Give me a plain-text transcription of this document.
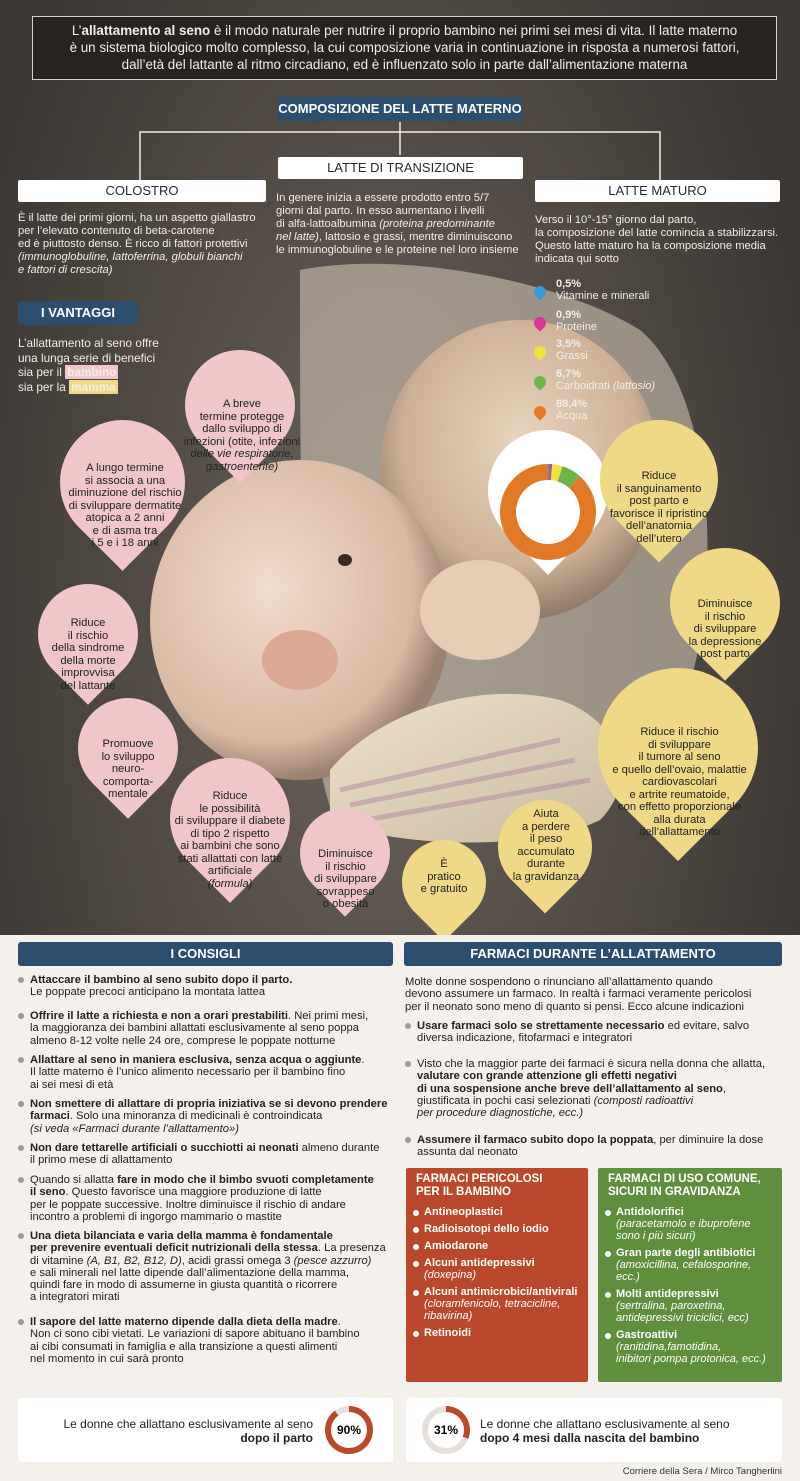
L’allattamento al seno è il modo naturale per nutrire il proprio bambino nei primi sei mesi di vita. Il latte materno
è un sistema biologico molto complesso, la cui composizione varia in continuazione in risposta a numerosi fattori,
dall’età del lattante al ritmo circadiano, ed è influenzato solo in parte dall’alimentazione materna
COMPOSIZIONE DEL LATTE MATERNO
LATTE DI TRANSIZIONE
COLOSTRO	LATTE MATURO
È il latte dei primi giorni, ha un aspetto giallastro
per l’elevato contenuto di beta-carotene
ed è piuttosto denso. È ricco di fattori protettivi
(immunoglobuline, lattoferrina, globuli bianchi
e fattori di crescita)
In genere inizia a essere prodotto entro 5/7
giorni dal parto. In esso aumentano i livelli
di alfa-lattoalbumina (proteina predominante
nel latte), lattosio e grassi, mentre diminuiscono
le immunoglobuline e le proteine nel loro insieme
Verso il 10°-15° giorno dal parto,
la composizione del latte comincia a stabilizzarsi.
Questo latte maturo ha la composizione media
indicata qui sotto
0,5%
Vitamine e minerali
0,9%
Proteine
3,5%
Grassi
6,7%
Carboidrati (lattosio)
88,4%
Acqua
I VANTAGGI
L’allattamento al seno offre
una lunga serie di benefici
sia per il bambino
sia per la mamma
A breve
termine protegge
dallo sviluppo di
infezioni (otite, infezioni
delle vie respiratorie,
gastroenterite)
A lungo termine
si associa a una
diminuzione del rischio
di sviluppare dermatite
atopica a 2 anni
e di asma tra
i 5 e i 18 anni
Riduce
il rischio
della sindrome
della morte
improvvisa
del lattante
Promuove
lo sviluppo
neuro-
comporta-
mentale	Riduce
le possibilità
di sviluppare il diabete
di tipo 2 rispetto
ai bambini che sono
stati allattati con latte
artificiale
(formula)
Diminuisce
il rischio
di sviluppare
sovrappeso
o obesità
Riduce
il sanguinamento
post parto e
favorisce il ripristino
dell’anatomia
dell’utero
Diminuisce
il rischio
di sviluppare
la depressione
post parto
Riduce il rischio
di sviluppare
il tumore al seno
e quello dell’ovaio, malattie
cardiovascolari
e artrite reumatoide,
con effetto proporzionale
alla durata
dell’allattamento
Aiuta
a perdere
il peso
accumulato
durante
la gravidanza
È
pratico
e gratuito
I CONSIGLI	FARMACI DURANTE L’ALLATTAMENTO
Attaccare il bambino al seno subito dopo il parto.
Le poppate precoci anticipano la montata lattea
Offrire il latte a richiesta e non a orari prestabiliti. Nei primi mesi,
la maggioranza dei bambini allattati esclusivamente al seno poppa
almeno 8-12 volte nelle 24 ore, comprese le poppate notturne
Allattare al seno in maniera esclusiva, senza acqua o aggiunte.
Il latte materno è l’unico alimento necessario per il bambino fino
ai sei mesi di età
Non smettere di allattare di propria iniziativa se si devono prendere
farmaci. Solo una minoranza di medicinali è controindicata
(si veda «Farmaci durante l’allattamento»)
Non dare tettarelle artificiali o succhiotti ai neonati almeno durante
il primo mese di allattamento
Quando si allatta fare in modo che il bimbo svuoti completamente
il seno. Questo favorisce una maggiore produzione di latte
per le poppate successive. Inoltre diminuisce il rischio di andare
incontro a problemi di ingorgo mammario o mastite
Una dieta bilanciata e varia della mamma è fondamentale
per prevenire eventuali deficit nutrizionali della stessa. La presenza
di vitamine (A, B1, B2, B12, D), acidi grassi omega 3 (pesce azzurro)
e sali minerali nel latte dipende dall’alimentazione della mamma,
quindi fare in modo di assumerne in giusta quantità o ricorrere
a integratori mirati
Il sapore del latte materno dipende dalla dieta della madre.
Non ci sono cibi vietati. Le variazioni di sapore abituano il bambino
ai cibi consumati in famiglia e alla transizione a questi alimenti
nel momento in cui sarà pronto
Molte donne sospendono o rinunciano all’allattamento quando
devono assumere un farmaco. In realtà i farmaci veramente pericolosi
per il neonato sono meno di quanto si pensi. Ecco alcune indicazioni
Usare farmaci solo se strettamente necessario ed evitare, salvo
diversa indicazione, fitofarmaci e integratori
Visto che la maggior parte dei farmaci è sicura nella donna che allatta,
valutare con grande attenzione gli effetti negativi
di una sospensione anche breve dell’allattamento al seno,
giustificata in pochi casi selezionati (composti radioattivi
per procedure diagnostiche, ecc.)
Assumere il farmaco subito dopo la poppata, per diminuire la dose
assunta dal neonato
FARMACI PERICOLOSI
PER IL BAMBINO
Antineoplastici
Radioisotopi dello iodio
Amiodarone
Alcuni antidepressivi
(doxepina)
Alcuni antimicrobici/antivirali
(cloramfenicolo, tetracicline,
ribavirina)
Retinoidi
FARMACI DI USO COMUNE,
SICURI IN GRAVIDANZA
Antidolorifici
(paracetamolo e ibuprofene
sono i più sicuri)
Gran parte degli antibiotici
(amoxicillina, cefalosporine, ecc.)
Molti antidepressivi
(sertralina, paroxetina,
antidepressivi triciclici, ecc)
Gastroattivi
(ranitidina,famotidina,
inibitori pompa protonica, ecc.)
Le donne che allattano esclusivamente al seno
dopo il parto
90%	31% Le donne che allattano esclusivamente al seno
dopo 4 mesi dalla nascita del bambino
Corriere della Sera / Mirco Tangherlini
